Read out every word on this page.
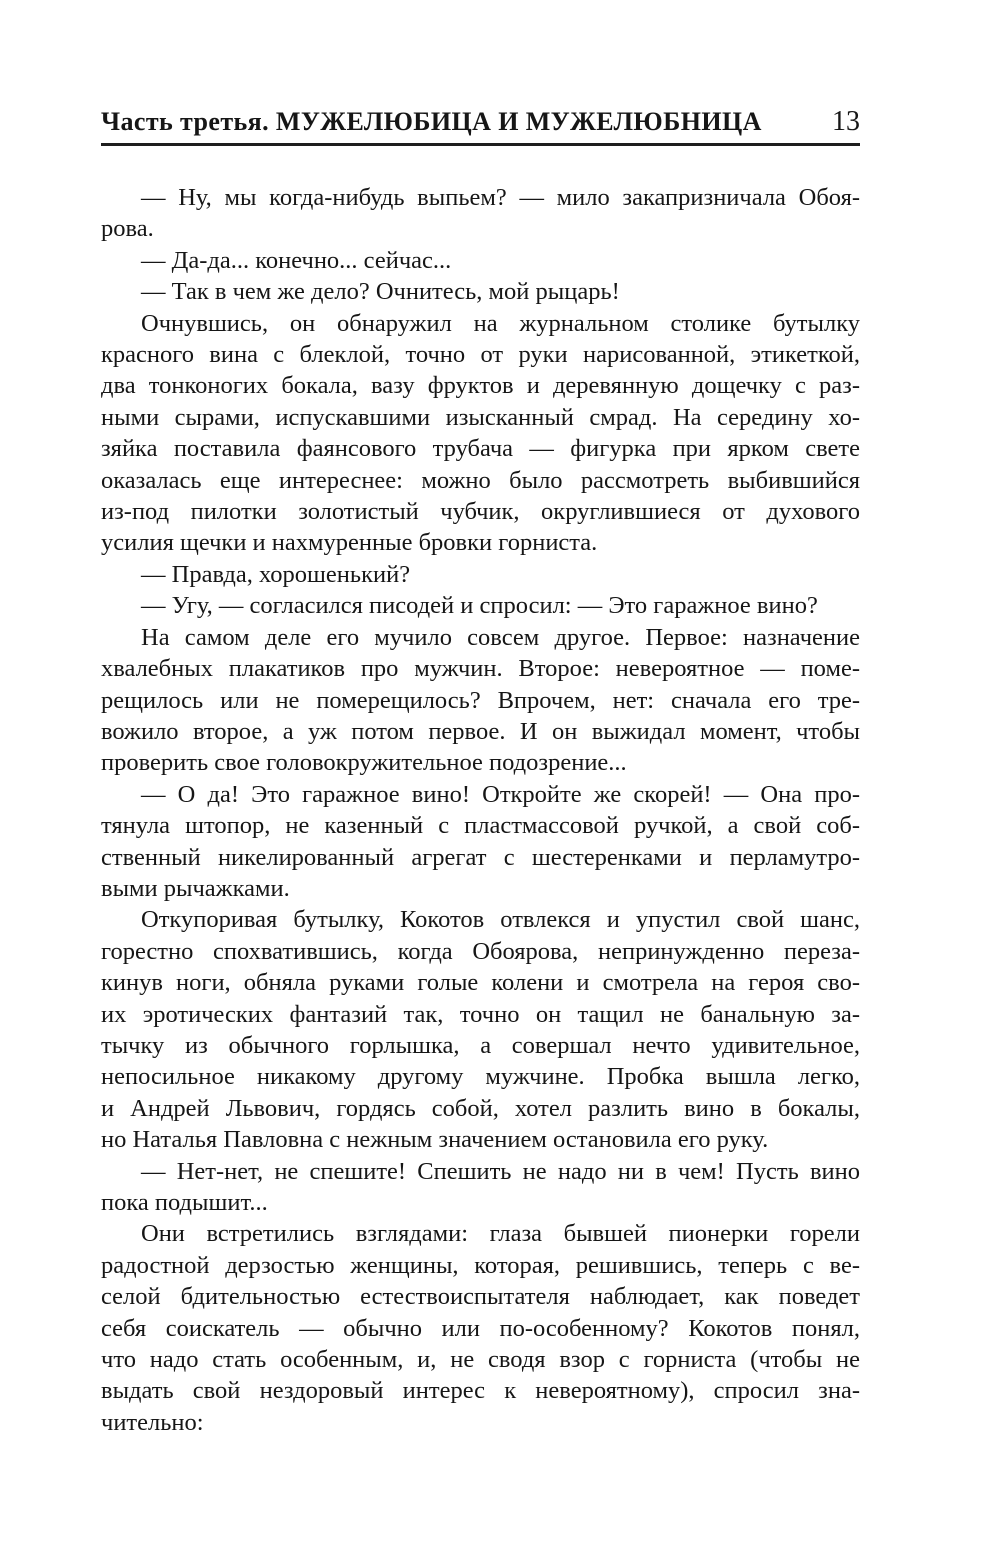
Часть третья. МУЖЕЛЮБИЦА И МУЖЕЛЮБНИЦА	13
— Ну, мы когда-нибудь выпьем? — мило закапризничала Обоя-
рова.
— Да-да... конечно... сейчас...
— Так в чем же дело? Очнитесь, мой рыцарь!
Очнувшись, он обнаружил на журнальном столике бутылку
красного вина с блеклой, точно от руки нарисованной, этикеткой,
два тонконогих бокала, вазу фруктов и деревянную дощечку с раз-
ными сырами, испускавшими изысканный смрад. На середину хо-
зяйка поставила фаянсового трубача — фигурка при ярком свете
оказалась еще интереснее: можно было рассмотреть выбившийся
из-под пилотки золотистый чубчик, округлившиеся от духового
усилия щечки и нахмуренные бровки горниста.
— Правда, хорошенький?
— Угу, — согласился писодей и спросил: — Это гаражное вино?
На самом деле его мучило совсем другое. Первое: назначение
хвалебных плакатиков про мужчин. Второе: невероятное — поме-
рещилось или не померещилось? Впрочем, нет: сначала его тре-
вожило второе, а уж потом первое. И он выжидал момент, чтобы
проверить свое головокружительное подозрение...
— О да! Это гаражное вино! Откройте же скорей! — Она про-
тянула штопор, не казенный с пластмассовой ручкой, а свой соб-
ственный никелированный агрегат с шестеренками и перламутро-
выми рычажками.
Откупоривая бутылку, Кокотов отвлекся и упустил свой шанс,
горестно спохватившись, когда Обоярова, непринужденно переза-
кинув ноги, обняла руками голые колени и смотрела на героя сво-
их эротических фантазий так, точно он тащил не банальную за-
тычку из обычного горлышка, а совершал нечто удивительное,
непосильное никакому другому мужчине. Пробка вышла легко,
и Андрей Львович, гордясь собой, хотел разлить вино в бокалы,
но Наталья Павловна с нежным значением остановила его руку.
— Нет-нет, не спешите! Спешить не надо ни в чем! Пусть вино
пока подышит...
Они встретились взглядами: глаза бывшей пионерки горели
радостной дерзостью женщины, которая, решившись, теперь с ве-
селой бдительностью естествоиспытателя наблюдает, как поведет
себя соискатель — обычно или по-особенному? Кокотов понял,
что надо стать особенным, и, не сводя взор с горниста (чтобы не
выдать свой нездоровый интерес к невероятному), спросил зна-
чительно:
